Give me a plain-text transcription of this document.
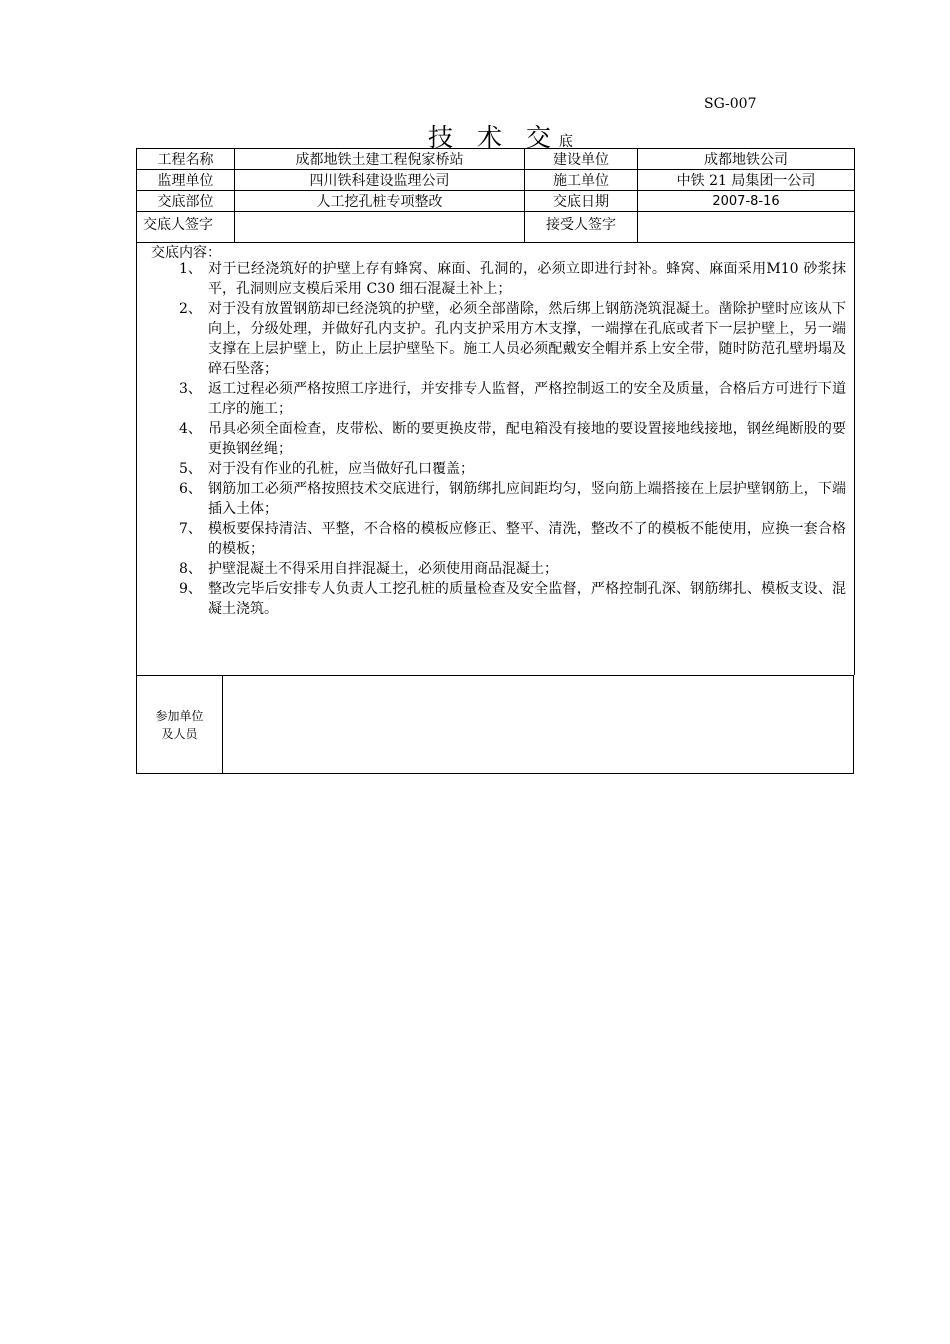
SG-007
技 术 交底
工程名称	成都地铁土建工程倪家桥站	建设单位	成都地铁公司
监理单位	四川铁科建设监理公司	施工单位	中铁 21 局集团一公司
交底部位	人工挖孔桩专项整改	交底日期	2007-8-16
交底人签字		接受人签字	
交底内容：
1、 对于已经浇筑好的护壁上存有蜂窝、麻面、孔洞的，必须立即进行封补。蜂窝、麻面采用M10 砂浆抹平，孔洞则应支模后采用 C30 细石混凝土补上；
2、 对于没有放置钢筋却已经浇筑的护壁，必须全部凿除，然后绑上钢筋浇筑混凝土。凿除护壁时应该从下向上，分级处理，并做好孔内支护。孔内支护采用方木支撑，一端撑在孔底或者下一层护壁上，另一端支撑在上层护壁上，防止上层护壁坠下。施工人员必须配戴安全帽并系上安全带，随时防范孔壁坍塌及碎石坠落；
3、 返工过程必须严格按照工序进行，并安排专人监督，严格控制返工的安全及质量，合格后方可进行下道工序的施工；
4、 吊具必须全面检查，皮带松、断的要更换皮带，配电箱没有接地的要设置接地线接地，钢丝绳断股的要更换钢丝绳；
5、 对于没有作业的孔桩，应当做好孔口覆盖；
6、 钢筋加工必须严格按照技术交底进行，钢筋绑扎应间距均匀，竖向筋上端搭接在上层护壁钢筋上，下端插入土体；
7、 模板要保持清洁、平整，不合格的模板应修正、整平、清洗，整改不了的模板不能使用，应换一套合格的模板；
8、 护壁混凝土不得采用自拌混凝土，必须使用商品混凝土；
9、 整改完毕后安排专人负责人工挖孔桩的质量检查及安全监督，严格控制孔深、钢筋绑扎、模板支设、混凝土浇筑。
参加单位
及人员	
